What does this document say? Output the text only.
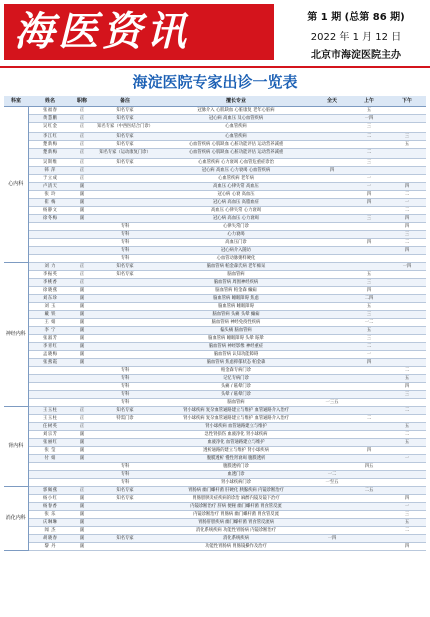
海医资讯	第 1 期 (总第 86 期)
2022 年 1 月 12 日
北京市海淀医院主办
海淀医院专家出诊一览表
科室	姓名	职称	备注	擅长专业	全天	上午	下午
心内科	张福春	正	知名专家	冠脉介入 心肌缺血 心脏康复 老年心脏病		五	
	黄慧鹏	正	知名专家	冠心病 高血压 及心血管疾病		一四	
	吴红金	正	知名专家（中西医结合门诊）	心血管疾病		三	
	李江红	正	知名专家	心血管疾病		二	三
	楚新梅	正	知名专家	心血管疾病 心肌缺血 心脏功能评估 运动营养减重			五
	楚新梅	正	知名专家（运动康复门诊）	心血管疾病 心肌缺血 心脏功能评估 运动营养减重		二	
	吴斯维	正	知名专家	心血管疾病 心力衰竭 心血管危重症诊治		三	
	韩 萍	正		冠心病 高血压 心力衰竭 心血管疾病	四		
	于立成	正		心血管疾病 老年病		一	
	卢清天	副		高血压 心律失常 高血压		一	四
	张 玲	副		冠心病 心衰 高血压		四	二
	崔 梅	副		冠心病 高血压 高脂血症		四	一
	杨静文	副		高血压 心律失常 心力衰竭			二
	徐冬梅	副		冠心病 高血压 心力衰竭		三	四
			专科	心律失常门诊			四
			专科	心力衰竭			三
			专科	高血压门诊		四	二
			专科	冠心病介入随访			四
			专科	心血管动脉粥样硬化			
神经内科	刘 力	正	知名专家	脑血管病 帕金森氏病 老年痴呆			一四
	李振英	正	知名专家	脑血管病		五	
	李桃香	正		脑血管病 周围神经疾病		三	
	徐晓燕	副		脑血管病 帕金森 癫痫		四	
	刘东珍	副		脑血管病 睡眠障碍 焦虑		二四	
	刘 玉	副		脑血管病 睡眠障碍		五	
	戴 铁	副		脑血管病 头痛 头晕 癫痫		三	
	王 娟	副		脑血管病 神经免疫性疾病		一二	
	李 宁	副		偏头痛 脑血管病		五	
	张淑芳	副		脑血管病 睡眠障碍 头晕 眩晕		三	
	李青红	副		脑血管病 神经影像 神经重症		二	
	孟晓梅	副		脑血管病 认知功能障碍		一	
	张燕霞	副		脑血管病 焦虑抑郁状态 帕金森		四	
			专科	帕金森专病门诊			二
			专科	记忆专病门诊			五
			专科	头痛 / 眩晕门诊			四
			专科	头晕 / 眩晕门诊			三
			专科	脑血管病	一三五		
肾内科	王玉柱	正	知名专家	肾小球疾病 复杂血管通路建立与维护 血管通路介入治疗			二
	王玉柱	正	特需门诊	肾小球疾病 复杂血管通路建立与维护 血管通路介入治疗		二	
	任树英	正		肾小球疾病 血管通路建立与维护			五
	刘宗芳	副		急性肾损伤 血液净化 肾小球疾病			二
	张丽红	副		血液净化 血管通路建立与维护			五
	张 莹	副		透析通路的建立与维护 肾小球疾病		四	
	付 娟	副		腹膜透析 慢性肾衰竭 腹膜透析			一
			专科	腹膜透析门诊		四五	
			专科	血透门诊	一二		
			专科	肾小球疾病门诊	一至五		
消化内科	郭佩燕	正	知名专家	胃肠病 幽门螺杆菌 肝硬化 胰腺疾病 内镜诊断治疗		二五	
	杨小红	副	知名专家	胃肠胆胰炎症疾病的诊治 麻醉内镜及镜下治疗			四
	杨春香	副		内镜诊断治疗 肝病 便秘 幽门螺杆菌 胃食管反流			一
	张 乐	副		内镜诊断治疗 胃肠病 幽门螺杆菌 胃食管反流			三
	庆琳琳	副		胃肠肝胆疾病 幽门螺杆菌 胃食管反流病			五
	闻 杰	副		消化系统疾病 功能性胃肠病 内镜诊断治疗			二
	胡晓春	副	知名专家	消化系统疾病	一四		
	黎 丹	副		功能性胃肠病 胃肠镜操作及治疗			四
